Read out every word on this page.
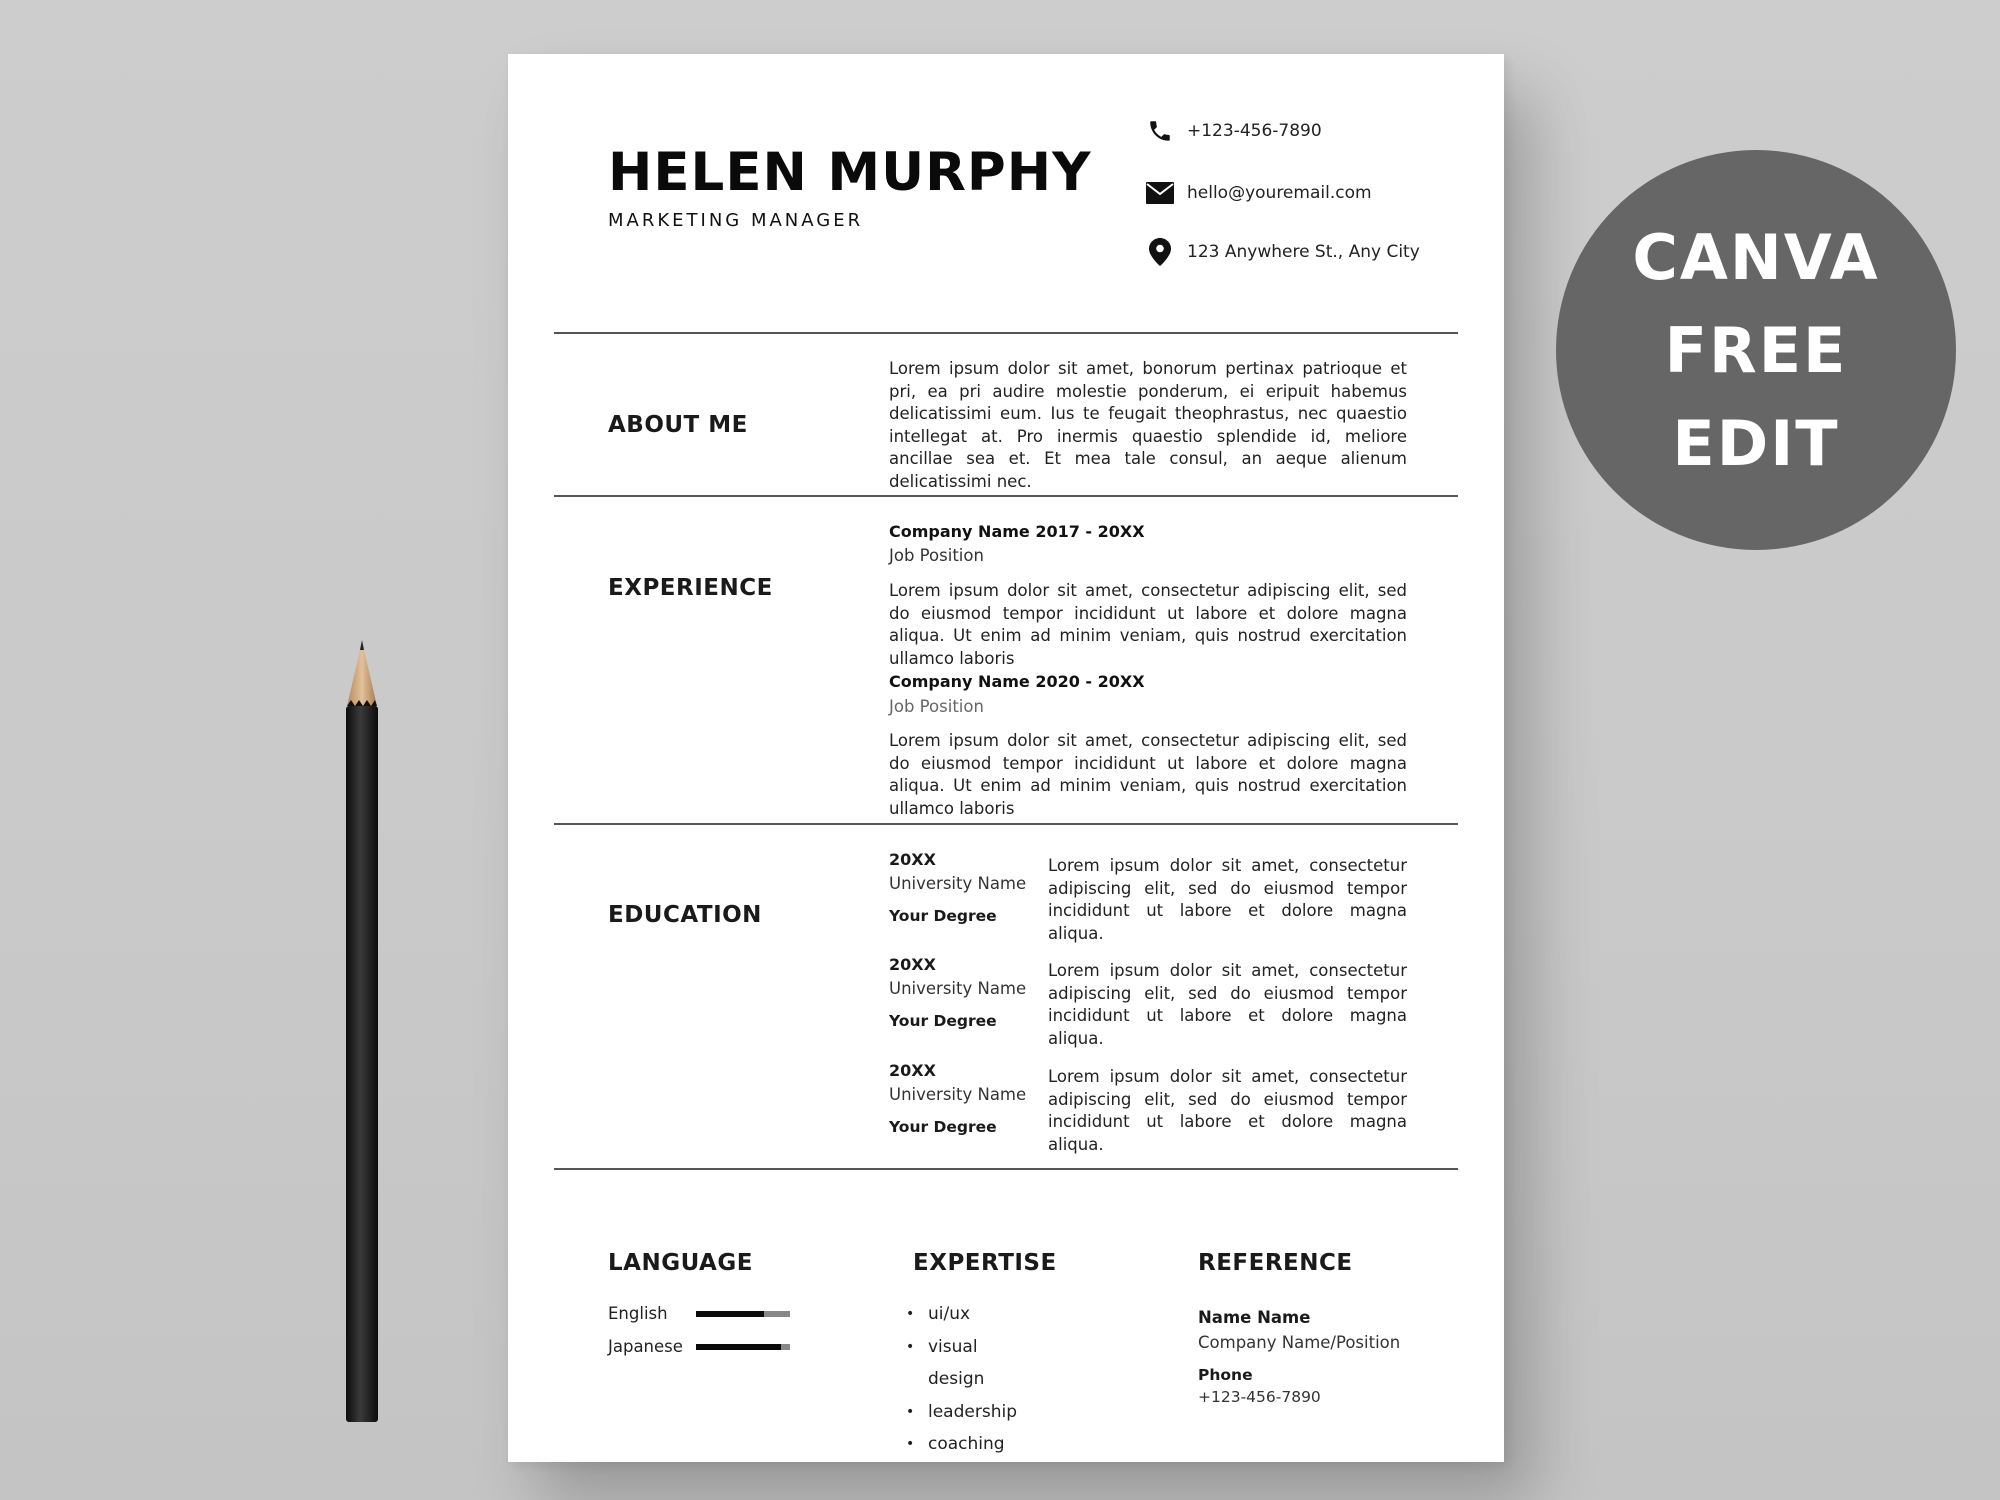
HELEN MURPHY
MARKETING MANAGER
+123-456-7890
hello@youremail.com
123 Anywhere St., Any City
ABOUT ME
Lorem ipsum dolor sit amet, bonorum pertinax patrioque et pri, ea pri audire molestie ponderum, ei eripuit habemus delicatissimi eum. Ius te feugait theophrastus, nec quaestio intellegat at. Pro inermis quaestio splendide id, meliore ancillae sea et. Et mea tale consul, an aeque alienum delicatissimi nec.
EXPERIENCE
Company Name 2017 - 20XX
Job Position
Lorem ipsum dolor sit amet, consectetur adipiscing elit, sed do eiusmod tempor incididunt ut labore et dolore magna aliqua. Ut enim ad minim veniam, quis nostrud exercitation ullamco laboris
Company Name 2020 - 20XX
Job Position
Lorem ipsum dolor sit amet, consectetur adipiscing elit, sed do eiusmod tempor incididunt ut labore et dolore magna aliqua. Ut enim ad minim veniam, quis nostrud exercitation ullamco laboris
EDUCATION
20XX
University Name
Your Degree
Lorem ipsum dolor sit amet, consectetur adipiscing elit, sed do eiusmod tempor incididunt ut labore et dolore magna aliqua.
20XX
University Name
Your Degree
Lorem ipsum dolor sit amet, consectetur adipiscing elit, sed do eiusmod tempor incididunt ut labore et dolore magna aliqua.
20XX
University Name
Your Degree
Lorem ipsum dolor sit amet, consectetur adipiscing elit, sed do eiusmod tempor incididunt ut labore et dolore magna aliqua.
LANGUAGE
English
Japanese
EXPERTISE
• ui/ux
• visual design
• leadership
• coaching
REFERENCE
Name Name
Company Name/Position
Phone
+123-456-7890
CANVA
FREE
EDIT
